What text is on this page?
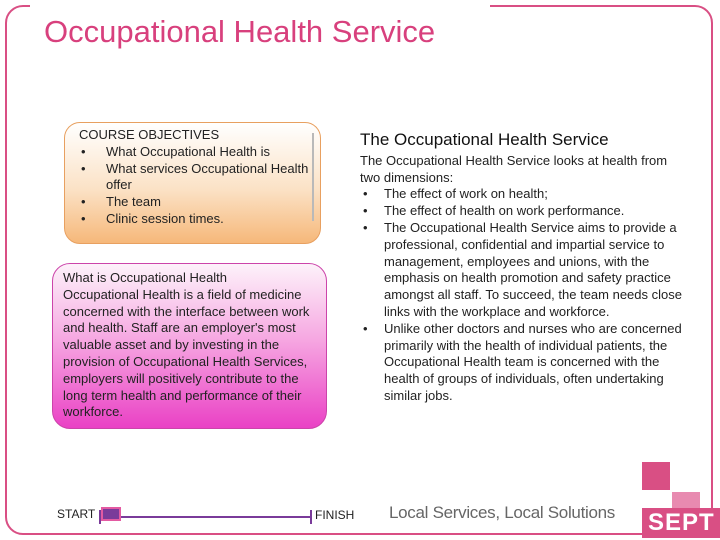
Occupational Health Service

COURSE OBJECTIVES

• What Occupational Health is
• What services Occupational Health offer
• The team
• Clinic session times.

What is Occupational Health

Occupational Health is a field of medicine concerned with the interface between work and health. Staff are an employer's most valuable asset and by investing in the provision of Occupational Health Services, employers will positively contribute to the long term health and performance of their workforce.

The Occupational Health Service
The Occupational Health Service looks at health from two dimensions:
• The effect of work on health;
• The effect of health on work performance.
• The Occupational Health Service aims to provide a professional, confidential and impartial service to management, employees and unions, with the emphasis on health promotion and safety practice amongst all staff. To succeed, the team needs close links with the workplace and workforce.
• Unlike other doctors and nurses who are concerned primarily with the health of individual patients, the Occupational Health team is concerned with the health of groups of individuals, often undertaking similar jobs.
START	FINISH Local Services, Local Solutions SEPT
